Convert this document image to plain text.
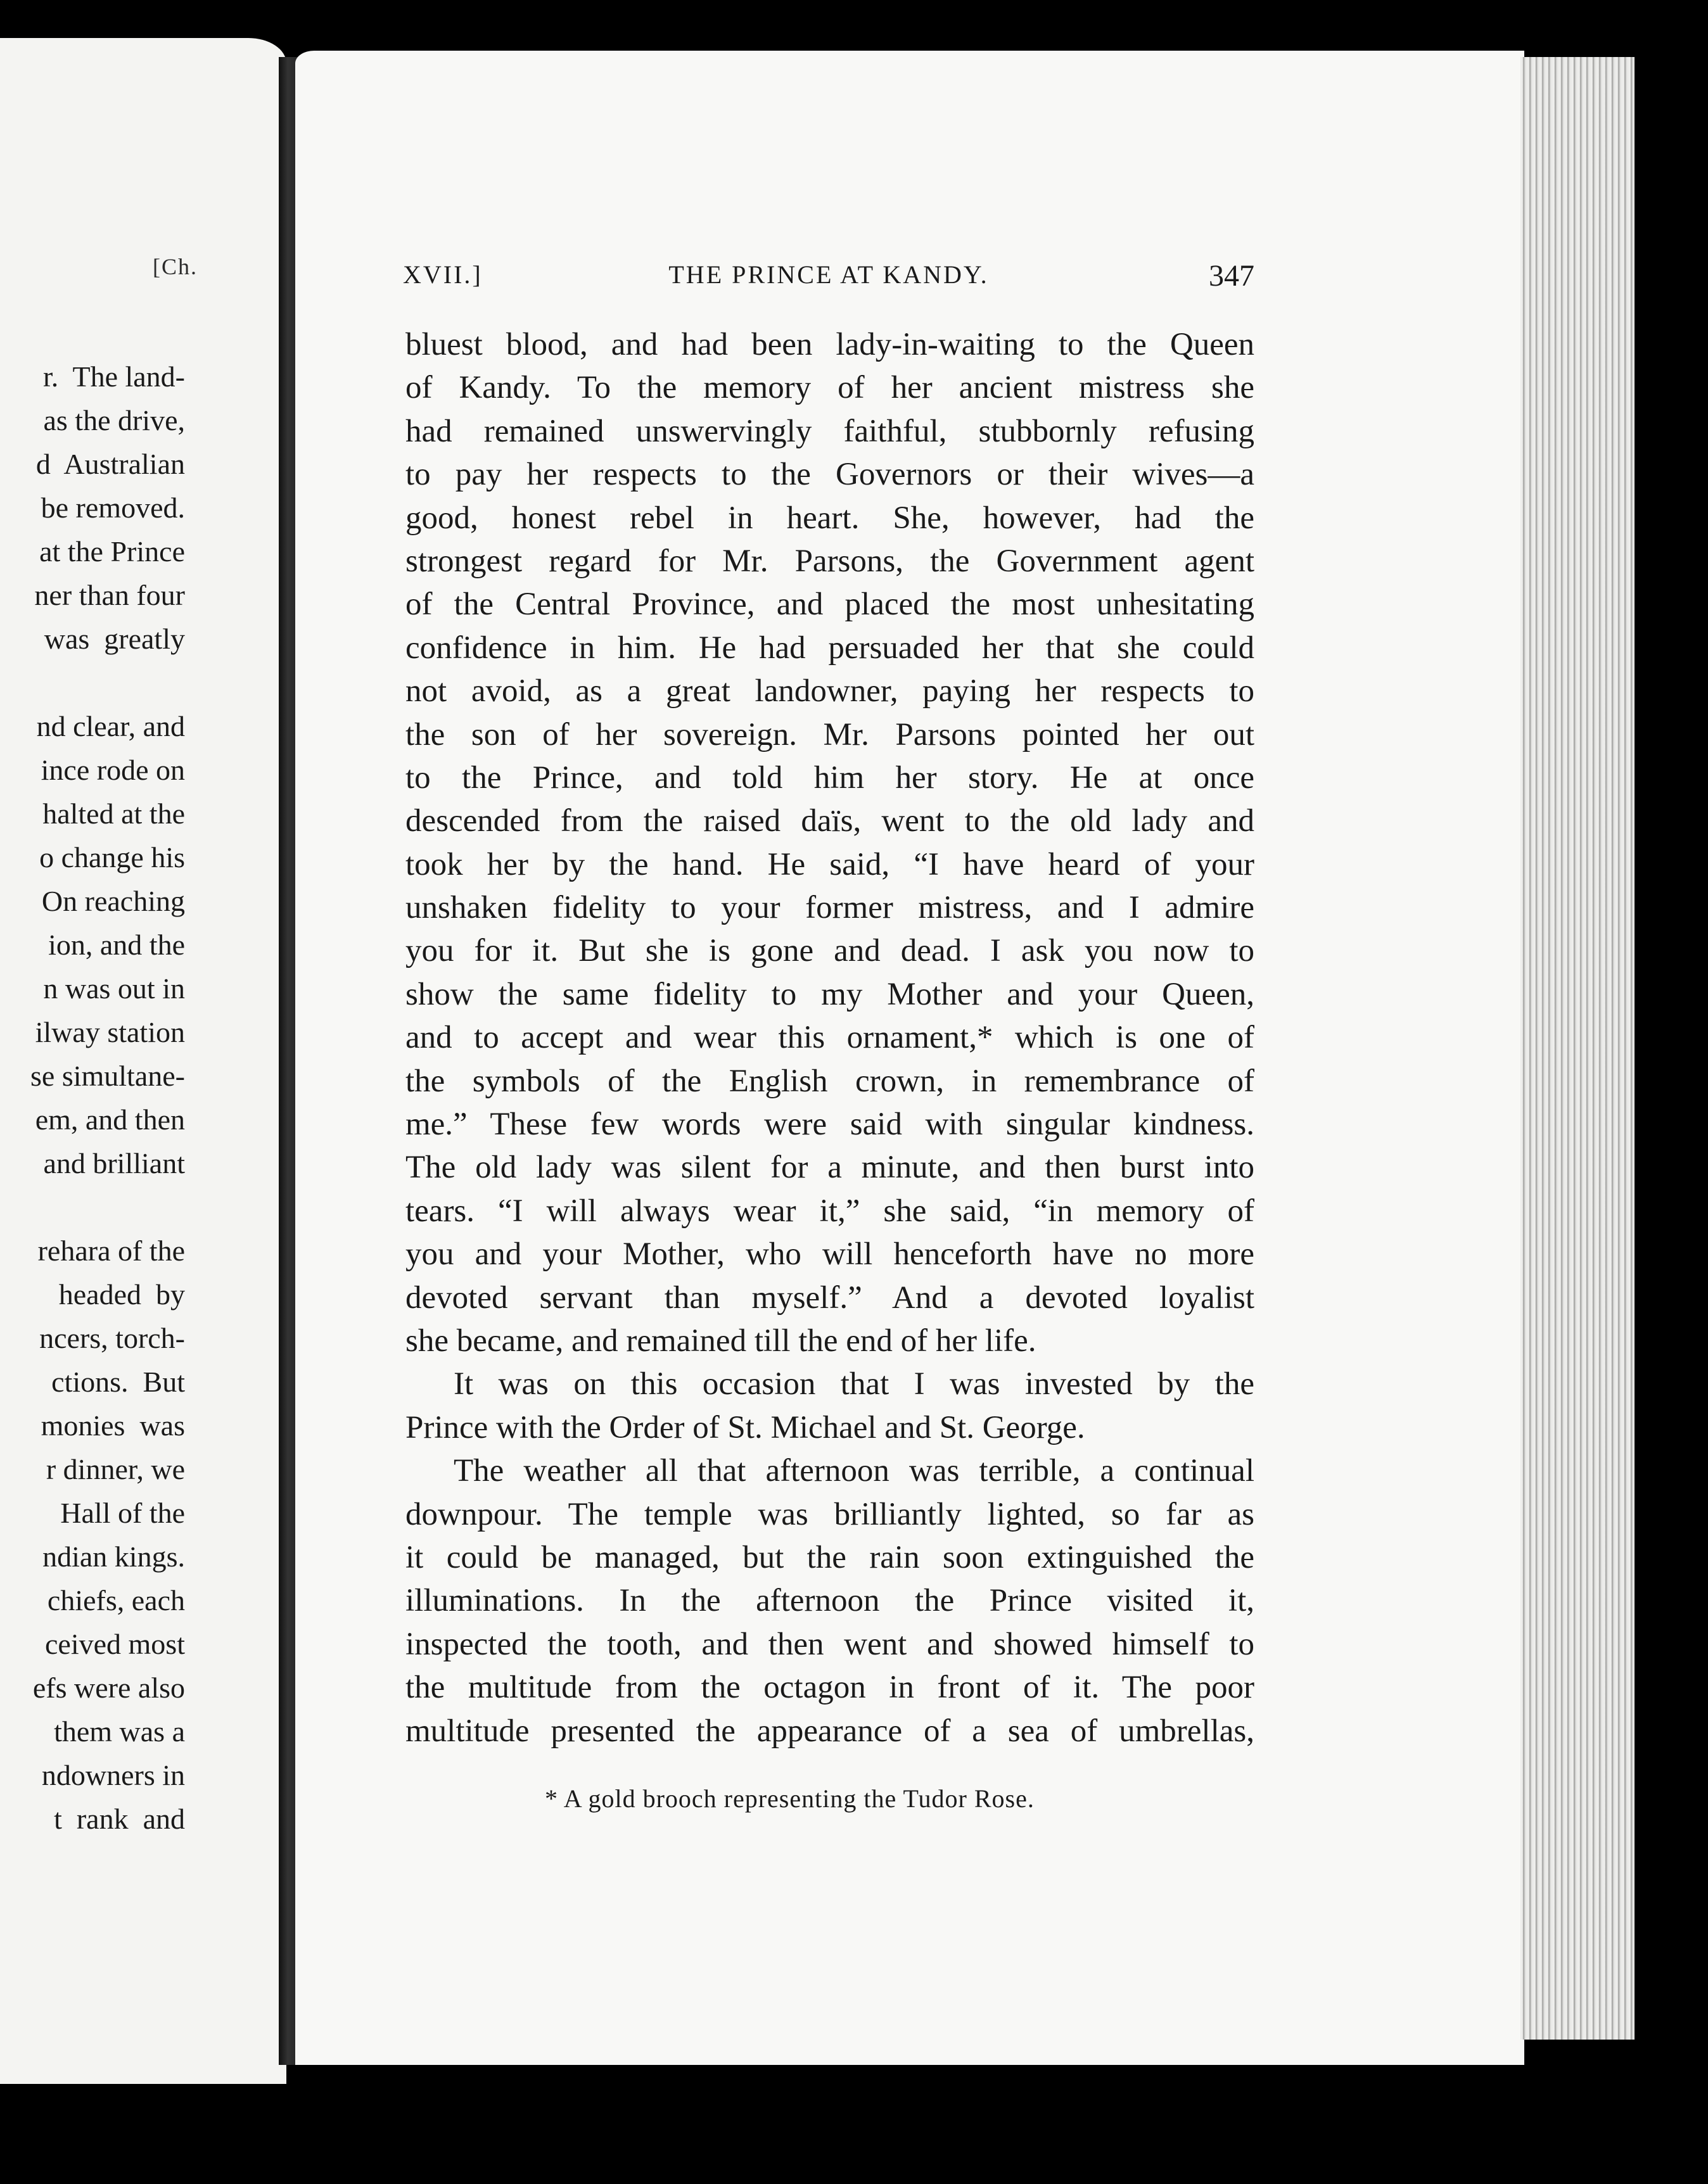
[Ch.
r.  The land-
as the drive,
d  Australian
be removed.
at the Prince
ner than four
was  greatly

nd clear, and
ince rode on
halted at the
o change his
On reaching
ion, and the
n was out in
ilway station
se simultane-
em, and then
and brilliant

rehara of the
headed  by
ncers, torch-
ctions.  But
monies  was
r dinner, we
Hall of the
ndian kings.
chiefs, each
ceived most
efs were also
them was a
ndowners in
t  rank  and
XVII.]	THE PRINCE AT KANDY.	347
bluest blood, and had been lady-in-waiting to the Queen
of Kandy. To the memory of her ancient mistress she
had remained unswervingly faithful, stubbornly refusing
to pay her respects to the Governors or their wives—a
good, honest rebel in heart. She, however, had the
strongest regard for Mr. Parsons, the Government agent
of the Central Province, and placed the most unhesitating
confidence in him. He had persuaded her that she could
not avoid, as a great landowner, paying her respects to
the son of her sovereign. Mr. Parsons pointed her out
to the Prince, and told him her story. He at once
descended from the raised daïs, went to the old lady and
took her by the hand. He said, “I have heard of your
unshaken fidelity to your former mistress, and I admire
you for it. But she is gone and dead. I ask you now to
show the same fidelity to my Mother and your Queen,
and to accept and wear this ornament,* which is one of
the symbols of the English crown, in remembrance of
me.” These few words were said with singular kindness.
The old lady was silent for a minute, and then burst into
tears. “I will always wear it,” she said, “in memory of
you and your Mother, who will henceforth have no more
devoted servant than myself.” And a devoted loyalist
she became, and remained till the end of her life.
It was on this occasion that I was invested by the
Prince with the Order of St. Michael and St. George.
The weather all that afternoon was terrible, a continual
downpour. The temple was brilliantly lighted, so far as
it could be managed, but the rain soon extinguished the
illuminations. In the afternoon the Prince visited it,
inspected the tooth, and then went and showed himself to
the multitude from the octagon in front of it. The poor
multitude presented the appearance of a sea of umbrellas,
* A gold brooch representing the Tudor Rose.
